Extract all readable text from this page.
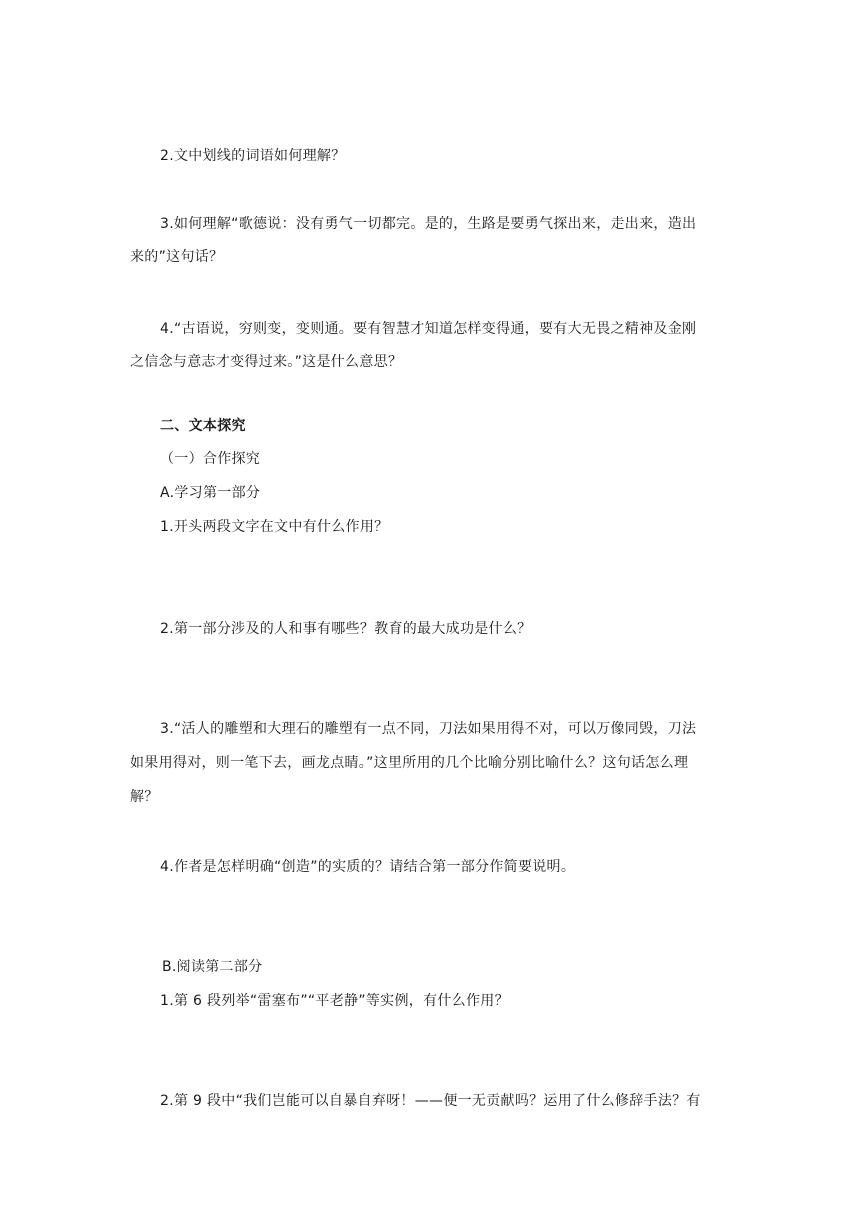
2.文中划线的词语如何理解？

3.如何理解“歌德说：没有勇气一切都完。是的，生路是要勇气探出来，走出来，造出

来的”这句话？

4.“古语说，穷则变，变则通。要有智慧才知道怎样变得通，要有大无畏之精神及金刚

之信念与意志才变得过来。”这是什么意思？

二、文本探究

（一）合作探究

A.学习第一部分

1.开头两段文字在文中有什么作用？

2.第一部分涉及的人和事有哪些？教育的最大成功是什么？

3.“活人的雕塑和大理石的雕塑有一点不同，刀法如果用得不对，可以万像同毁，刀法

如果用得对，则一笔下去，画龙点睛。”这里所用的几个比喻分别比喻什么？这句话怎么理

解？

4.作者是怎样明确“创造”的实质的？请结合第一部分作简要说明。

B.阅读第二部分

1.第 6 段列举“雷塞布”“平老静”等实例，有什么作用？

2.第 9 段中“我们岂能可以自暴自弃呀！——便一无贡献吗？运用了什么修辞手法？有
